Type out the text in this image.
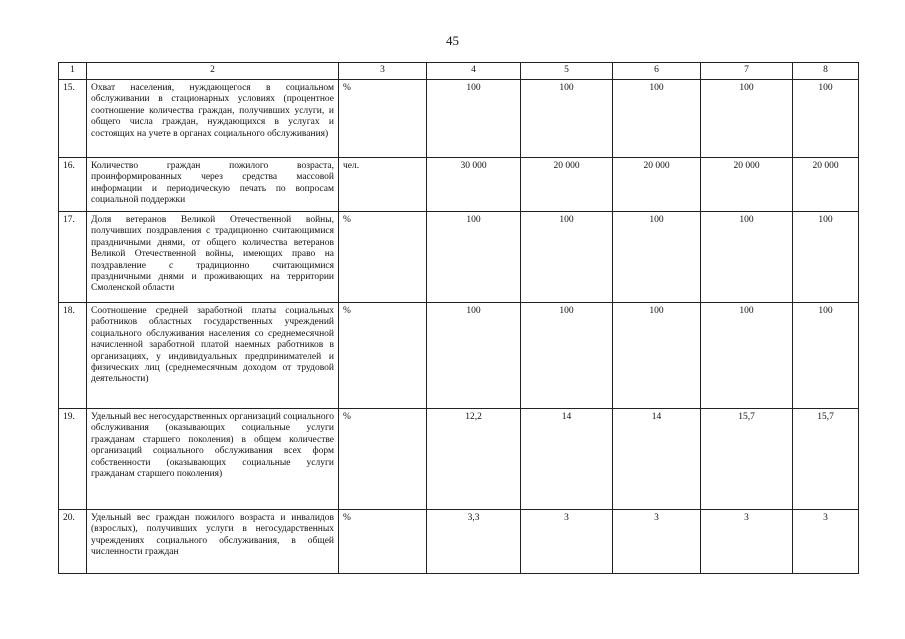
45
1	2	3	4	5	6	7	8
15.	Охват населения, нуждающегося в социальном обслуживании в стационарных условиях (процентное соотношение количества граждан, получивших услуги, и общего числа граждан, нуждающихся в услугах и состоящих на учете в органах социального обслуживания)	%	100	100	100	100	100
16.	Количество граждан пожилого возраста, проинформированных через средства массовой информации и периодическую печать по вопросам социальной поддержки	чел.	30 000	20 000	20 000	20 000	20 000
17.	Доля ветеранов Великой Отечественной войны, получивших поздравления с традиционно считающимися праздничными днями, от общего количества ветеранов Великой Отечественной войны, имеющих право на поздравление с традиционно считающимися праздничными днями и проживающих на территории Смоленской области	%	100	100	100	100	100
18.	Соотношение средней заработной платы социальных работников областных государственных учреждений социального обслуживания населения со среднемесячной начисленной заработной платой наемных работников в организациях, у индивидуальных предпринимателей и физических лиц (среднемесячным доходом от трудовой деятельности)	%	100	100	100	100	100
19.	Удельный вес негосударственных организаций социального обслуживания (оказывающих социальные услуги гражданам старшего поколения) в общем количестве организаций социального обслуживания всех форм собственности (оказывающих социальные услуги гражданам старшего поколения)	%	12,2	14	14	15,7	15,7
20.	Удельный вес граждан пожилого возраста и инвалидов (взрослых), получивших услуги в негосударственных учреждениях социального обслуживания, в общей численности граждан	%	3,3	3	3	3	3
